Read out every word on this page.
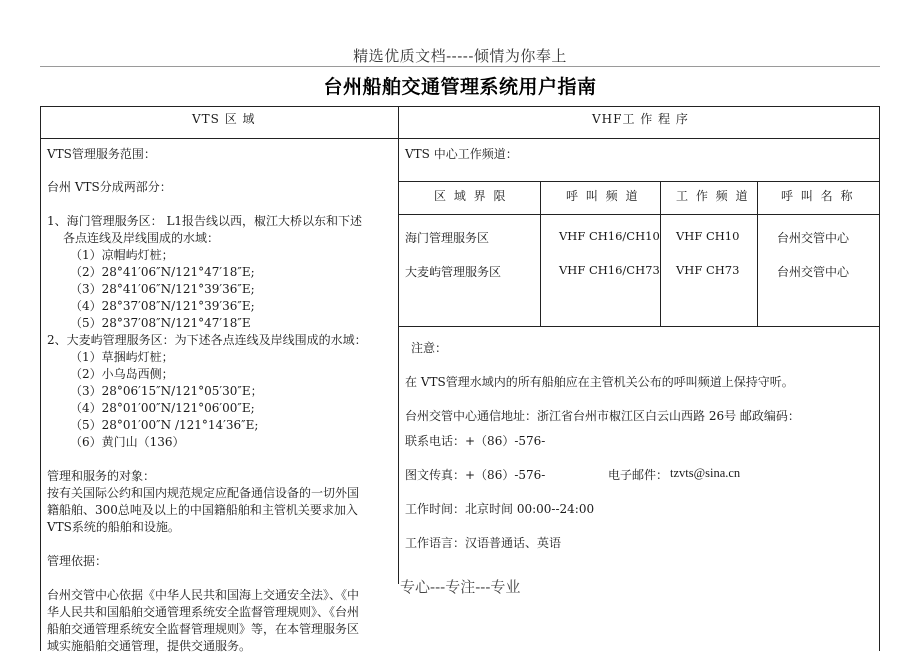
精选优质文档-----倾情为你奉上
台州船舶交通管理系统用户指南
VTS 区 域
VTS管理服务范围：
台州 VTS分成两部分：
1、海门管理服务区： L1报告线以西，椒江大桥以东和下述
各点连线及岸线围成的水域：
（1）凉帽屿灯桩；
（2）28°41′06″N/121°47′18″E;
（3）28°41′06″N/121°39′36″E;
（4）28°37′08″N/121°39′36″E;
（5）28°37′08″N/121°47′18″E
2、大麦屿管理服务区：为下述各点连线及岸线围成的水域：
（1）草捆屿灯桩；
（2）小乌岛西侧；
（3）28°06′15″N/121°05′30″E；
（4）28°01′00″N/121°06′00″E;
（5）28°01′00″N /121°14′36″E;
（6）黄门山（136）
管理和服务的对象：
按有关国际公约和国内规范规定应配备通信设备的一切外国
籍船舶、300总吨及以上的中国籍船舶和主管机关要求加入
VTS系统的船舶和设施。
管理依据：
台州交管中心依据《中华人民共和国海上交通安全法》、《中
华人民共和国船舶交通管理系统安全监督管理规则》、《台州
船舶交通管理系统安全监督管理规则》等，在本管理服务区
域实施船舶交通管理，提供交通服务。
VHF工 作 程 序
VTS 中心工作频道：
区 域 界 限	呼 叫 频 道	工 作 频 道	呼 叫 名 称
海门管理服务区	VHF CH16/CH10 VHF CH10	台州交管中心
大麦屿管理服务区	VHF CH16/CH73 VHF CH73	台州交管中心
注意：
在 VTS管理水域内的所有船舶应在主管机关公布的呼叫频道上保持守听。
台州交管中心通信地址：浙江省台州市椒江区白云山西路 26号 邮政编码：
联系电话：+（86）-576-
图文传真：+（86）-576-	电子邮件： tzvts@sina.cn
工作时间：北京时间 00:00--24:00
工作语言：汉语普通话、英语
专心---专注---专业
